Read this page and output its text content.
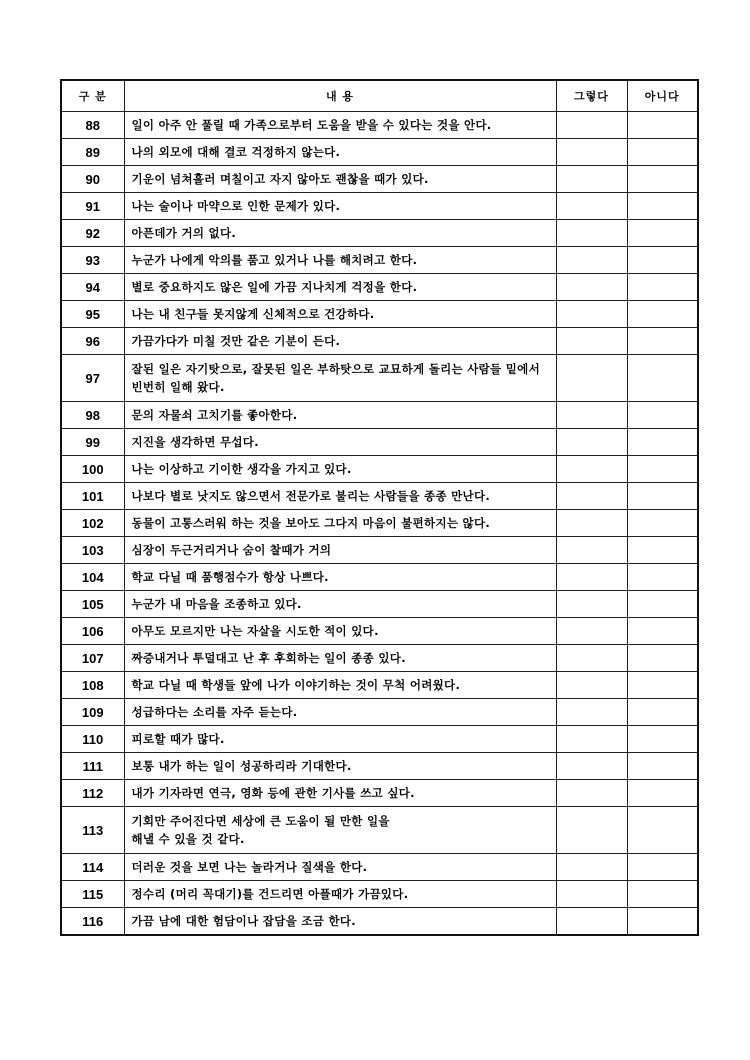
구 분	내 용	그렇다	아니다
88	일이 아주 안 풀릴 때 가족으로부터 도움을 받을 수 있다는 것을 안다.		
89	나의 외모에 대해 결코 걱정하지 않는다.		
90	기운이 넘쳐흘러 며칠이고 자지 않아도 괜찮을 때가 있다.		
91	나는 술이나 마약으로 인한 문제가 있다.		
92	아픈데가 거의 없다.		
93	누군가 나에게 악의를 품고 있거나 나를 해치려고 한다.		
94	별로 중요하지도 않은 일에 가끔 지나치게 걱정을 한다.		
95	나는 내 친구들 못지않게 신체적으로 건강하다.		
96	가끔가다가 미칠 것만 같은 기분이 든다.		
97	잘된 일은 자기탓으로, 잘못된 일은 부하탓으로 교묘하게 돌리는 사람들 밑에서 빈번히 일해 왔다.		
98	문의 자물쇠 고치기를 좋아한다.		
99	지진을 생각하면 무섭다.		
100	나는 이상하고 기이한 생각을 가지고 있다.		
101	나보다 별로 낫지도 않으면서 전문가로 불리는 사람들을 종종 만난다.		
102	동물이 고통스러워 하는 것을 보아도 그다지 마음이 불편하지는 않다.		
103	심장이 두근거리거나 숨이 찰때가 거의		
104	학교 다닐 때 품행점수가 항상 나쁘다.		
105	누군가 내 마음을 조종하고 있다.		
106	아무도 모르지만 나는 자살을 시도한 적이 있다.		
107	짜증내거나 투덜대고 난 후 후회하는 일이 종종 있다.		
108	학교 다닐 때 학생들 앞에 나가 이야기하는 것이 무척 어려웠다.		
109	성급하다는 소리를 자주 듣는다.		
110	피로할 때가 많다.		
111	보통 내가 하는 일이 성공하리라 기대한다.		
112	내가 기자라면 연극, 영화 등에 관한 기사를 쓰고 싶다.		
113	기회만 주어진다면 세상에 큰 도움이 될 만한 일을
해낼 수 있을 것 같다.		

114	더러운 것을 보면 나는 놀라거나 질색을 한다.		
115	정수리 (머리 꼭대기)를 건드리면 아플때가 가끔있다.		
116	가끔 남에 대한 험담이나 잡담을 조금 한다.		
